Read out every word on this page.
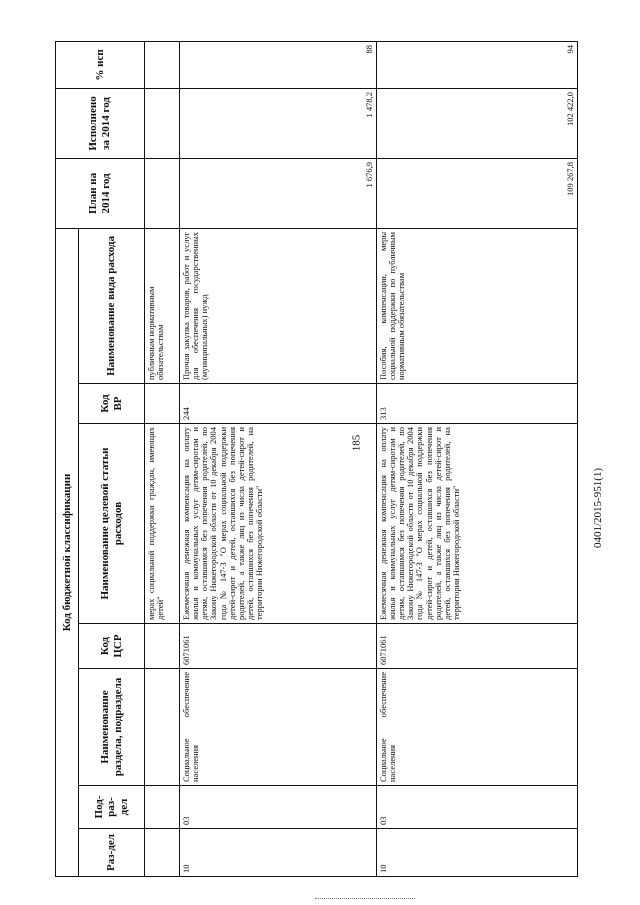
185
0401/2015-951(1)
Код бюджетной классификации							План на 2014 год	Исполнено за 2014 год	% исп
Раз-дел	Под-раз-дел	Наименование раздела, подраздела	Код ЦСР	Наименование целевой статьи расходов	Код ВР	Наименование вида расхода			
				мерах социальной поддержки граждан, имеющих детей"		публичным нормативным обязательствам			
10	03	Социальное обеспечение населения	6071061	Ежемесячная денежная компенсация на оплату жилья и коммунальных услуг детям-сиротам и детям, оставшимся без попечения родителей, по Закону Нижегородской области от 10 декабря 2004 года № 147-З "О мерах социальной поддержки детей-сирот и детей, оставшихся без попечения родителей, а также лиц из числа детей-сирот и детей, оставшихся без попечения родителей, на территории Нижегородской области"	244	Прочая закупка товаров, работ и услуг для обеспечения государственных (муниципальных) нужд	1 676,9	1 478,2	88
10	03	Социальное обеспечение населения	6071061	Ежемесячная денежная компенсация на оплату жилья и коммунальных услуг детям-сиротам и детям, оставшимся без попечения родителей, по Закону Нижегородской области от 10 декабря 2004 года № 147-З "О мерах социальной поддержки детей-сирот и детей, оставшихся без попечения родителей, а также лиц из числа детей-сирот и детей, оставшихся без попечения родителей, на территории Нижегородской области"	313	Пособия, компенсации, меры социальной поддержки по публичным нормативным обязательствам	109 267,8	102 422,0	94
